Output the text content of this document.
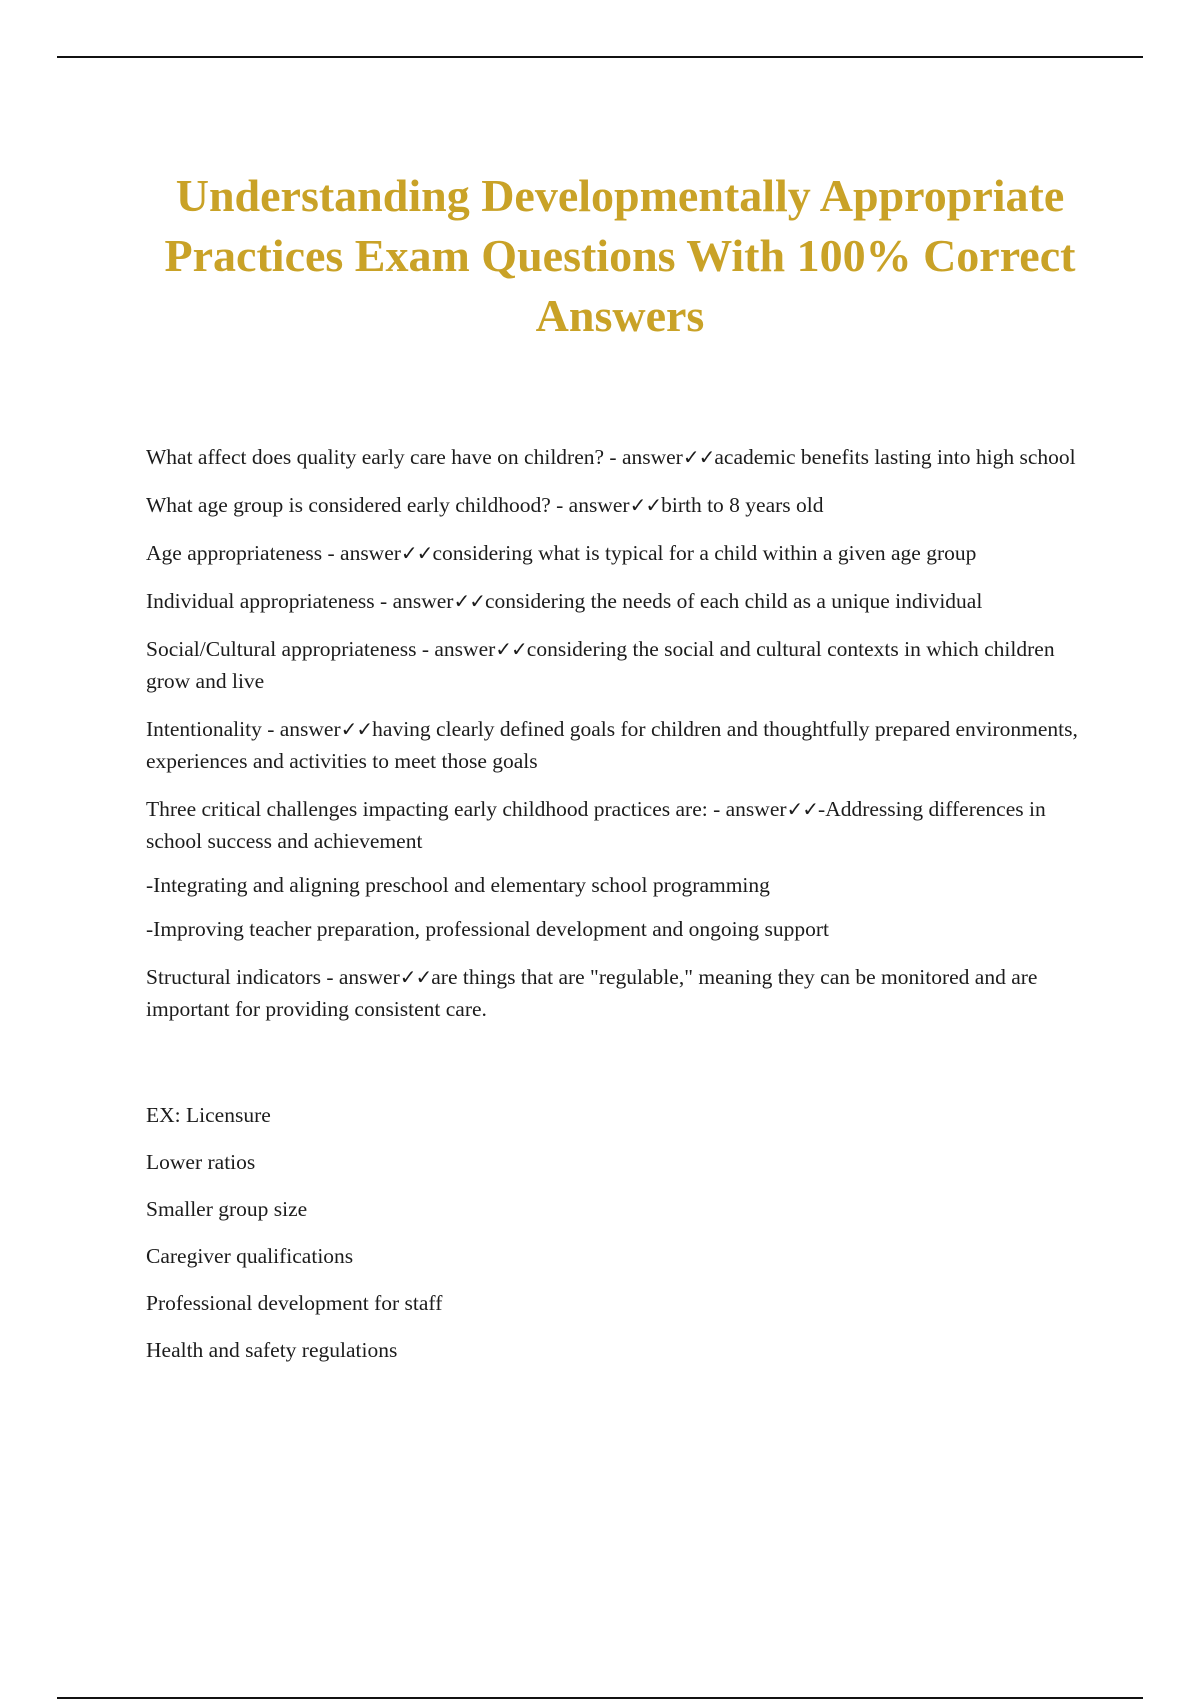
Understanding Developmentally Appropriate Practices Exam Questions With 100% Correct Answers

What affect does quality early care have on children? - answer✓✓academic benefits lasting into high school

What age group is considered early childhood? - answer✓✓birth to 8 years old

Age appropriateness - answer✓✓considering what is typical for a child within a given age group

Individual appropriateness - answer✓✓considering the needs of each child as a unique individual

Social/Cultural appropriateness - answer✓✓considering the social and cultural contexts in which children grow and live

Intentionality - answer✓✓having clearly defined goals for children and thoughtfully prepared environments, experiences and activities to meet those goals

Three critical challenges impacting early childhood practices are: - answer✓✓-Addressing differences in school success and achievement

-Integrating and aligning preschool and elementary school programming

-Improving teacher preparation, professional development and ongoing support

Structural indicators - answer✓✓are things that are "regulable," meaning they can be monitored and are important for providing consistent care.

EX: Licensure

Lower ratios

Smaller group size

Caregiver qualifications

Professional development for staff

Health and safety regulations
